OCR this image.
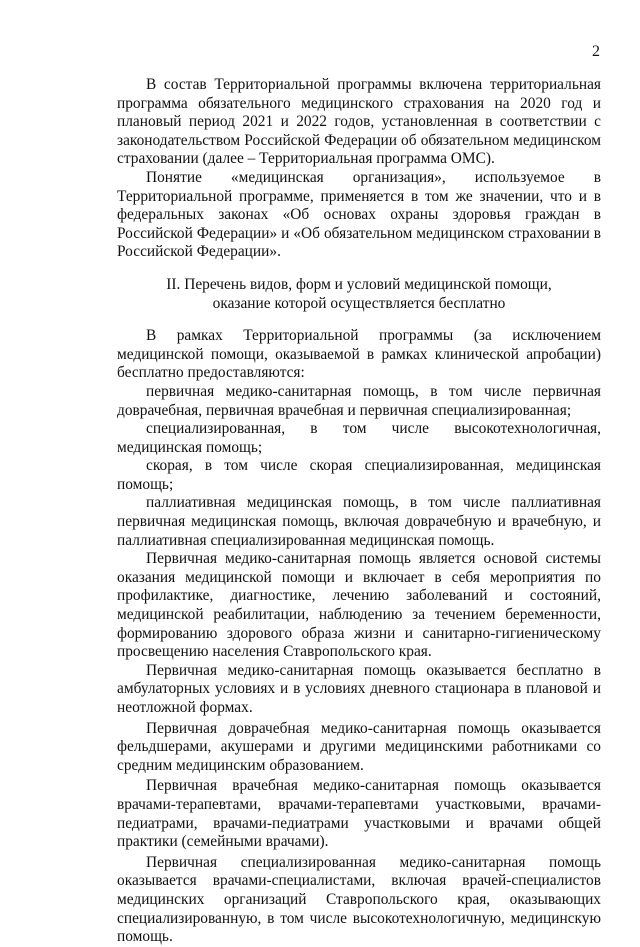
2

В состав Территориальной программы включена территориальная программа обязательного медицинского страхования на 2020 год и плановый период 2021 и 2022 годов, установленная в соответствии с законодательством Российской Федерации об обязательном медицинском страховании (далее – Территориальная программа ОМС).

Понятие «медицинская организация», используемое в Территориальной программе, применяется в том же значении, что и в федеральных законах «Об основах охраны здоровья граждан в Российской Федерации» и «Об обязательном медицинском страховании в Российской Федерации».

II. Перечень видов, форм и условий медицинской помощи,
оказание которой осуществляется бесплатно

В рамках Территориальной программы (за исключением медицинской помощи, оказываемой в рамках клинической апробации) бесплатно предоставляются:

первичная медико-санитарная помощь, в том числе первичная доврачебная, первичная врачебная и первичная специализированная;

специализированная, в том числе высокотехнологичная, медицинская помощь;

скорая, в том числе скорая специализированная, медицинская помощь;

паллиативная медицинская помощь, в том числе паллиативная первичная медицинская помощь, включая доврачебную и врачебную, и паллиативная специализированная медицинская помощь.

Первичная медико-санитарная помощь является основой системы оказания медицинской помощи и включает в себя мероприятия по профилактике, диагностике, лечению заболеваний и состояний, медицинской реабилитации, наблюдению за течением беременности, формированию здорового образа жизни и санитарно-гигиеническому просвещению населения Ставропольского края.

Первичная медико-санитарная помощь оказывается бесплатно в амбулаторных условиях и в условиях дневного стационара в плановой и неотложной формах.

Первичная доврачебная медико-санитарная помощь оказывается фельдшерами, акушерами и другими медицинскими работниками со средним медицинским образованием.

Первичная врачебная медико-санитарная помощь оказывается врачами-терапевтами, врачами-терапевтами участковыми, врачами-педиатрами, врачами-педиатрами участковыми и врачами общей практики (семейными врачами).

Первичная специализированная медико-санитарная помощь оказывается врачами-специалистами, включая врачей-специалистов медицинских организаций Ставропольского края, оказывающих специализированную, в том числе высокотехнологичную, медицинскую помощь.
